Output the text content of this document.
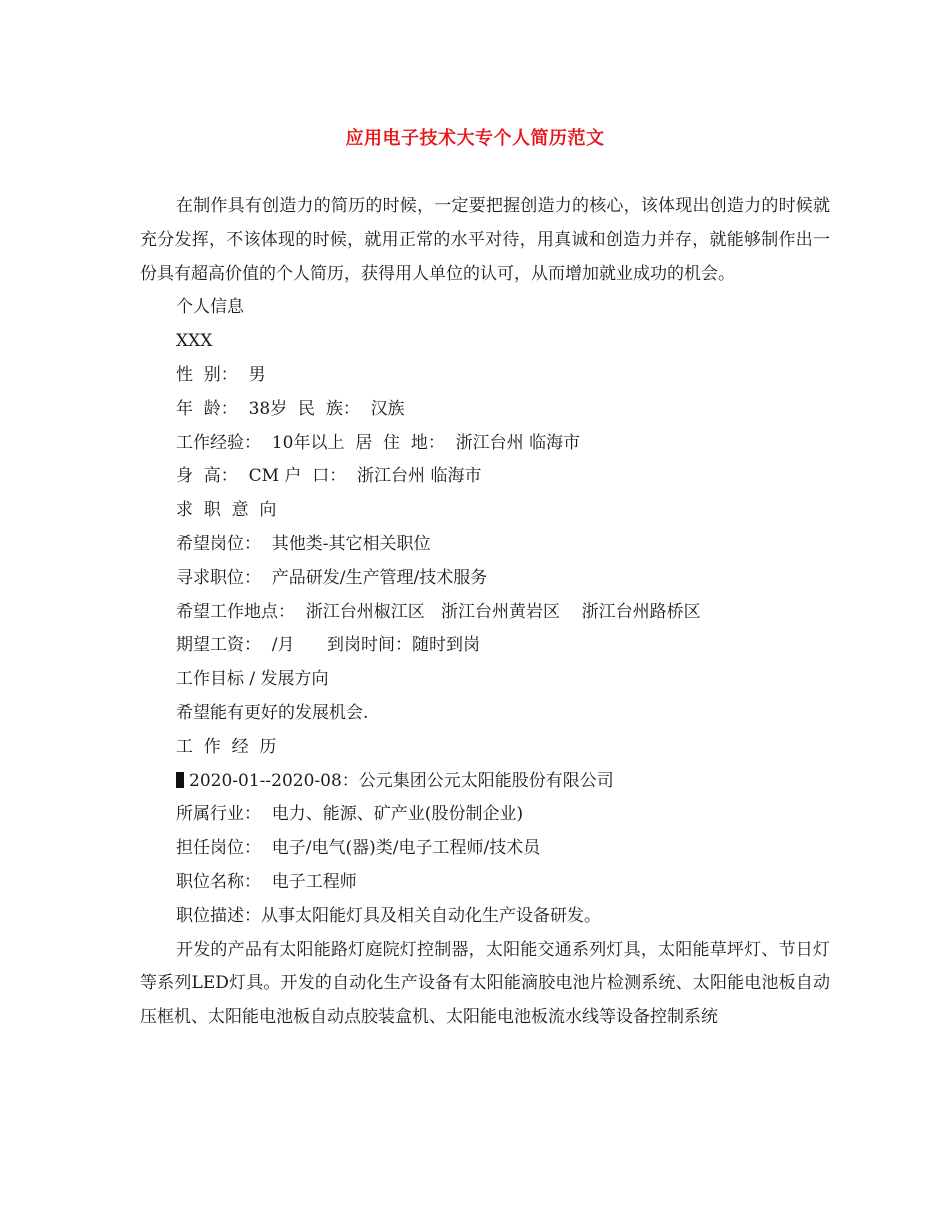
应用电子技术大专个人简历范文

在制作具有创造力的简历的时候，一定要把握创造力的核心，该体现出创造力的时候就充分发挥，不该体现的时候，就用正常的水平对待，用真诚和创造力并存，就能够制作出一份具有超高价值的个人简历，获得用人单位的认可，从而增加就业成功的机会。

个人信息

XXX

性  别：  男

年  龄：  38岁  民  族：  汉族

工作经验：  10年以上  居  住  地：  浙江台州 临海市

身  高：  CM 户  口：  浙江台州 临海市

求  职  意  向

希望岗位：  其他类-其它相关职位

寻求职位：  产品研发/生产管理/技术服务

希望工作地点：  浙江台州椒江区   浙江台州黄岩区    浙江台州路桥区

期望工资：  /月      到岗时间：随时到岗

工作目标 / 发展方向

希望能有更好的发展机会.

工  作  经  历

2020-01--2020-08：公元集团公元太阳能股份有限公司

所属行业：  电力、能源、矿产业(股份制企业)

担任岗位：  电子/电气(器)类/电子工程师/技术员

职位名称：  电子工程师

职位描述：从事太阳能灯具及相关自动化生产设备研发。

开发的产品有太阳能路灯庭院灯控制器，太阳能交通系列灯具，太阳能草坪灯、节日灯等系列LED灯具。开发的自动化生产设备有太阳能滴胶电池片检测系统、太阳能电池板自动压框机、太阳能电池板自动点胶装盒机、太阳能电池板流水线等设备控制系统
